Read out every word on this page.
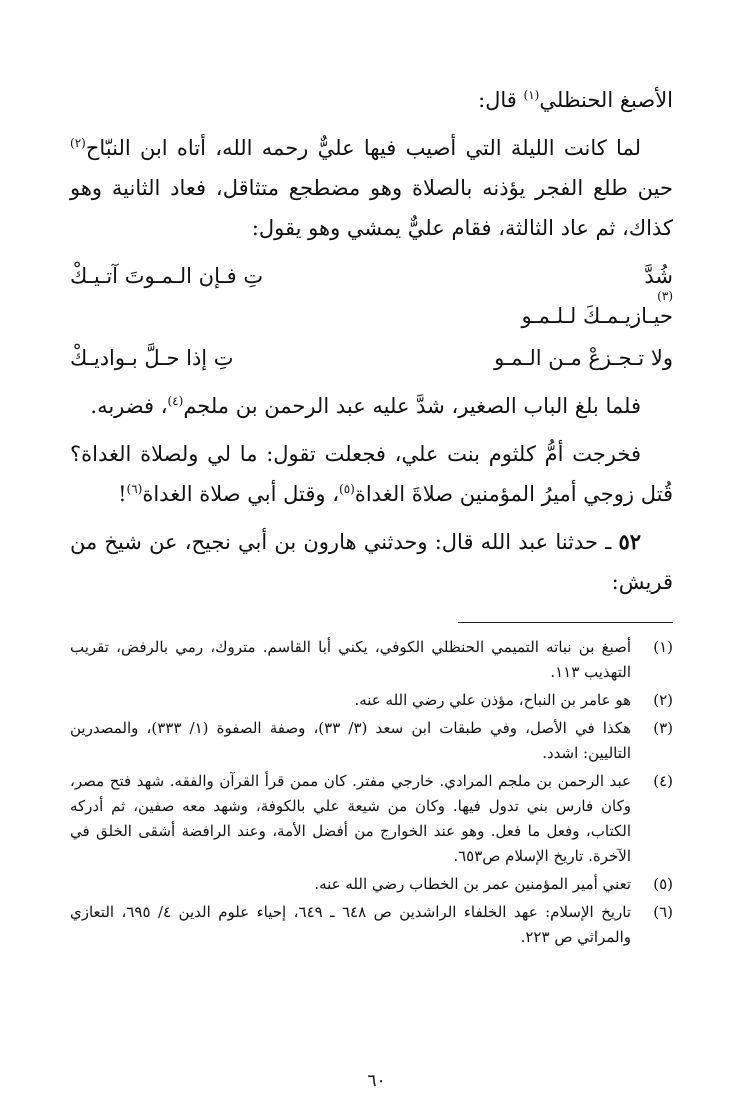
الأصبغ الحنظلي$^{(١)}$ قال:

لما كانت الليلة التي أصيب فيها عليٌّ رحمه الله، أتاه ابن النبّاح$^{(٢)}$ حين طلع الفجر يؤذنه بالصلاة وهو مضطجع متثاقل، فعاد الثانية وهو كذاك، ثم عاد الثالثة، فقام عليٌّ يمشي وهو يقول:

شُدَّ
(٣)
حيـازيـمـكَ لـلـمـو
تِ فـإن الـمـوتَ آتـيـكْ
ولا تـجـزعْ مـن الـمـو
تِ إذا حـلَّ بـواديـكْ

فلما بلغ الباب الصغير، شدَّ عليه عبد الرحمن بن ملجم$^{(٤)}$، فضربه.

فخرجت أمُّ كلثوم بنت علي، فجعلت تقول: ما لي ولصلاة الغداة؟ قُتل زوجي أميرُ المؤمنين صلاةَ الغداة$^{(٥)}$، وقتل أبي صلاة الغداة$^{(٦)}$!

٥٢ ـ حدثنا عبد الله قال: وحدثني هارون بن أبي نجيح، عن شيخ من قريش:

(١)
أصبغ بن نباته التميمي الحنظلي الكوفي، يكني أبا القاسم. متروك، رمي بالرفض، تقريب التهذيب ١١٣.
(٢)
هو عامر بن النباح، مؤذن علي رضي الله عنه.
(٣)
هكذا في الأصل، وفي طبقات ابن سعد (٣/ ٣٣)، وصفة الصفوة (١/ ٣٣٣)، والمصدرين التاليين: اشدد.
(٤)
عبد الرحمن بن ملجم المرادي. خارجي مفتر. كان ممن قرأ القرآن والفقه. شهد فتح مصر، وكان فارس بني تدول فيها. وكان من شيعة علي بالكوفة، وشهد معه صفين، ثم أدركه الكتاب، وفعل ما فعل. وهو عند الخوارج من أفضل الأمة، وعند الرافضة أشقى الخلق في الآخرة. تاريخ الإسلام ص٦٥٣.
(٥)
تعني أمير المؤمنين عمر بن الخطاب رضي الله عنه.
(٦)
تاريخ الإسلام: عهد الخلفاء الراشدين ص ٦٤٨ ـ ٦٤٩، إحياء علوم الدين ٤/ ٦٩٥، التعازي والمراثي ص ٢٢٣.
٦٠
